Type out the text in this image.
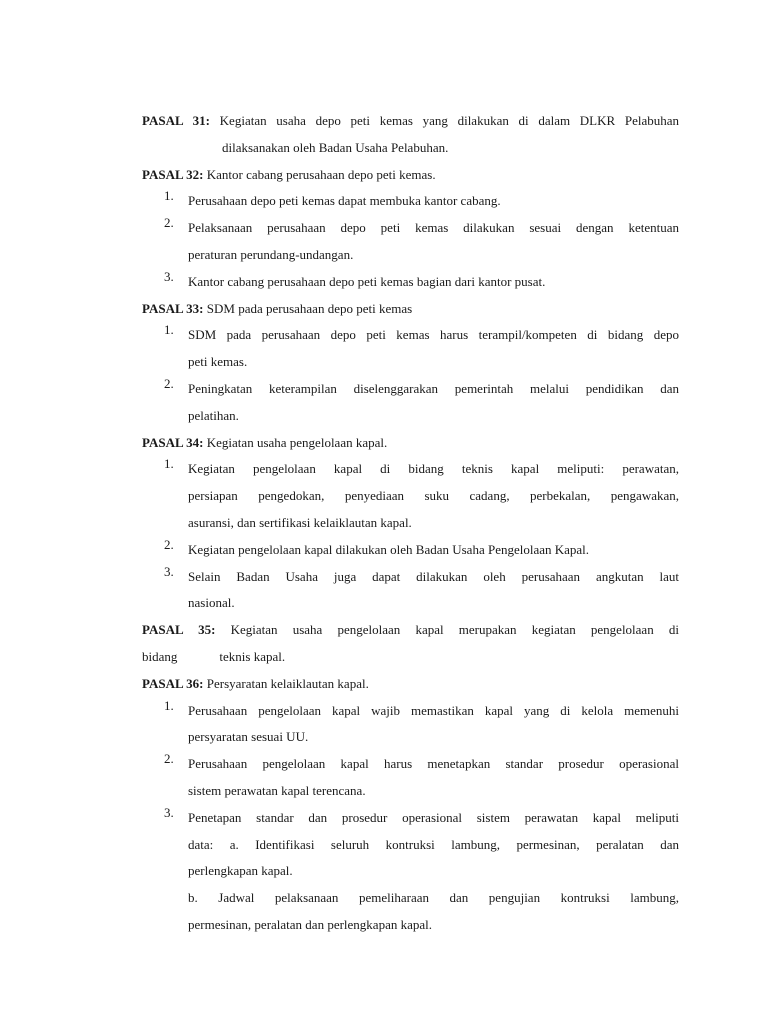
PASAL 31: Kegiatan usaha depo peti kemas yang dilakukan di dalam DLKR Pelabuhan
dilaksanakan oleh Badan Usaha Pelabuhan.
PASAL 32: Kantor cabang perusahaan depo peti kemas.
1.	Perusahaan depo peti kemas dapat membuka kantor cabang.
2.	Pelaksanaan perusahaan depo peti kemas dilakukan sesuai dengan ketentuan
peraturan perundang-undangan.
3.	Kantor cabang perusahaan depo peti kemas bagian dari kantor pusat.
PASAL 33: SDM pada perusahaan depo peti kemas
1.	SDM pada perusahaan depo peti kemas harus terampil/kompeten di bidang depo
peti kemas.
2.	Peningkatan keterampilan diselenggarakan pemerintah melalui pendidikan dan
pelatihan.
PASAL 34: Kegiatan usaha pengelolaan kapal.
1.	Kegiatan pengelolaan kapal di bidang teknis kapal meliputi: perawatan,
persiapan pengedokan, penyediaan suku cadang, perbekalan, pengawakan,
asuransi, dan sertifikasi kelaiklautan kapal.
2.	Kegiatan pengelolaan kapal dilakukan oleh Badan Usaha Pengelolaan Kapal.
3.	Selain Badan Usaha juga dapat dilakukan oleh perusahaan angkutan laut
nasional.
PASAL 35: Kegiatan usaha pengelolaan kapal merupakan kegiatan pengelolaan di
bidang	teknis kapal.
PASAL 36: Persyaratan kelaiklautan kapal.
1.	Perusahaan pengelolaan kapal wajib memastikan kapal yang di kelola memenuhi
persyaratan sesuai UU.
2.	Perusahaan pengelolaan kapal harus menetapkan standar prosedur operasional
sistem perawatan kapal terencana.
3.	Penetapan standar dan prosedur operasional sistem perawatan kapal meliputi
data: a. Identifikasi seluruh kontruksi lambung, permesinan, peralatan dan
perlengkapan kapal.
b. Jadwal pelaksanaan pemeliharaan dan pengujian kontruksi lambung,
permesinan, peralatan dan perlengkapan kapal.
